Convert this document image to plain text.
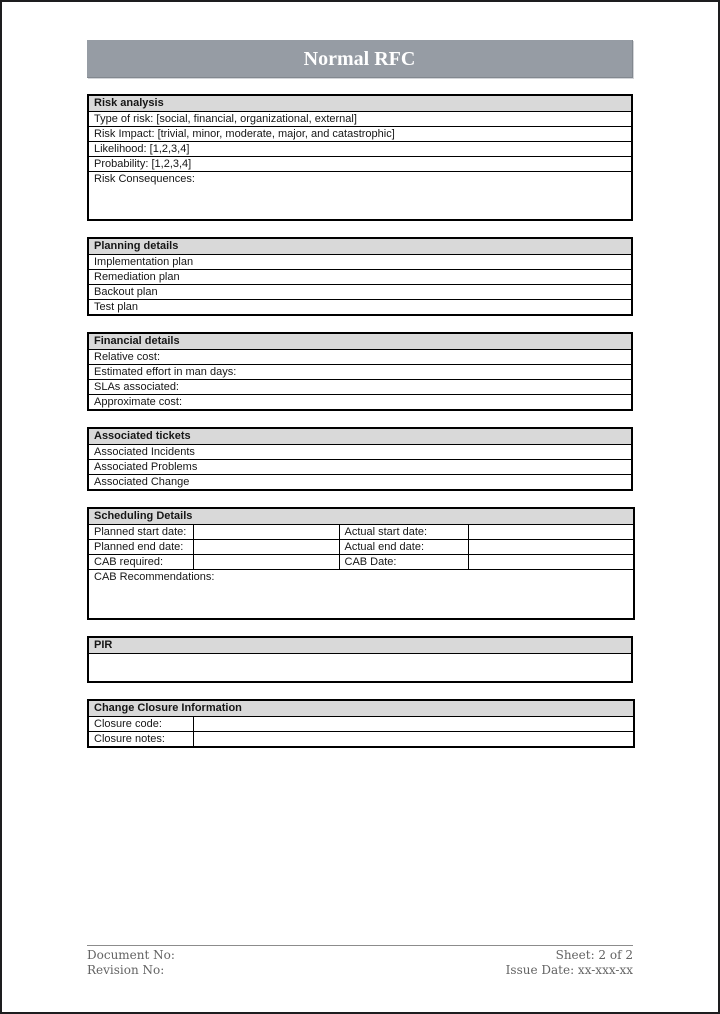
Normal RFC
Risk analysis
Type of risk: [social, financial, organizational, external]
Risk Impact: [trivial, minor, moderate, major, and catastrophic]
Likelihood: [1,2,3,4]
Probability: [1,2,3,4]
Risk Consequences:
Planning details
Implementation plan
Remediation plan
Backout plan
Test plan
Financial details
Relative cost:
Estimated effort in man days:
SLAs associated:
Approximate cost:
Associated tickets
Associated Incidents
Associated Problems
Associated Change
Scheduling Details			
Planned start date:		Actual start date:	
Planned end date:		Actual end date:	
CAB required:		CAB Date:	
CAB Recommendations:			
PIR

Change Closure Information	
Closure code:	
Closure notes:	
Document No:
Revision No:
Sheet: 2 of 2
Issue Date: xx-xxx-xx
